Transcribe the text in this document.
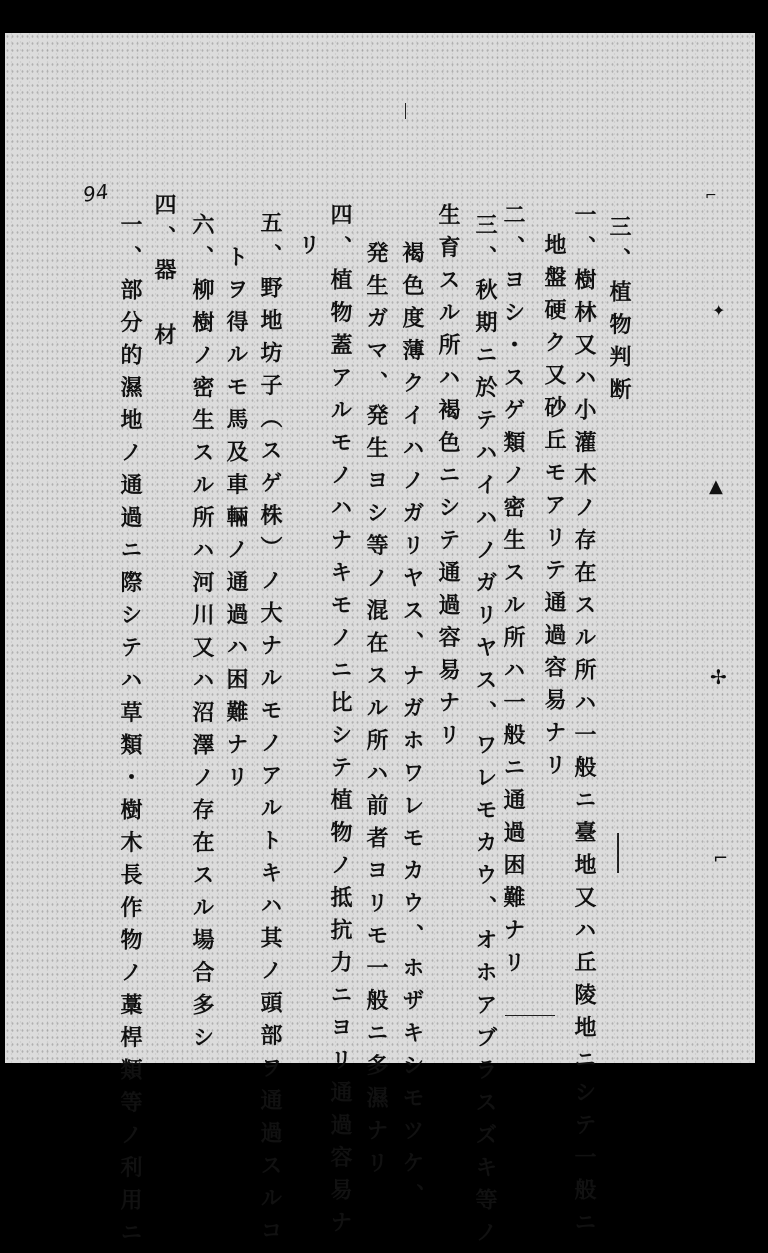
94
三、植物判断
一、樹林又ハ小灌木ノ存在スル所ハ一般ニ臺地又ハ丘陵地ニシテ一般ニ
地盤硬ク又砂丘モアリテ通過容易ナリ
二、ヨシ・スゲ類ノ密生スル所ハ一般ニ通過困難ナリ
三、秋期ニ於テハイハノガリヤス、ワレモカウ、オホアブラスズキ等ノ
生育スル所ハ褐色ニシテ通過容易ナリ
褐色度薄クイハノガリヤス、ナガホワレモカウ、ホザキシモツケ、
発生ガマ、発生ヨシ等ノ混在スル所ハ前者ヨリモ一般ニ多濕ナリ
四、植物蓋アルモノハナキモノニ比シテ植物ノ抵抗力ニヨリ通過容易ナ
リ
五、野地坊子（スゲ株）ノ大ナルモノアルトキハ其ノ頭部ヲ通過スルコ
トヲ得ルモ馬及車輛ノ通過ハ困難ナリ
六、柳樹ノ密生スル所ハ河川又ハ沼澤ノ存在スル場合多シ
四、器　材
一、部分的濕地ノ通過ニ際シテハ草類・樹木長作物ノ藁桿類等ノ利用ニ
⌐
✦
▲
✢
⌐
